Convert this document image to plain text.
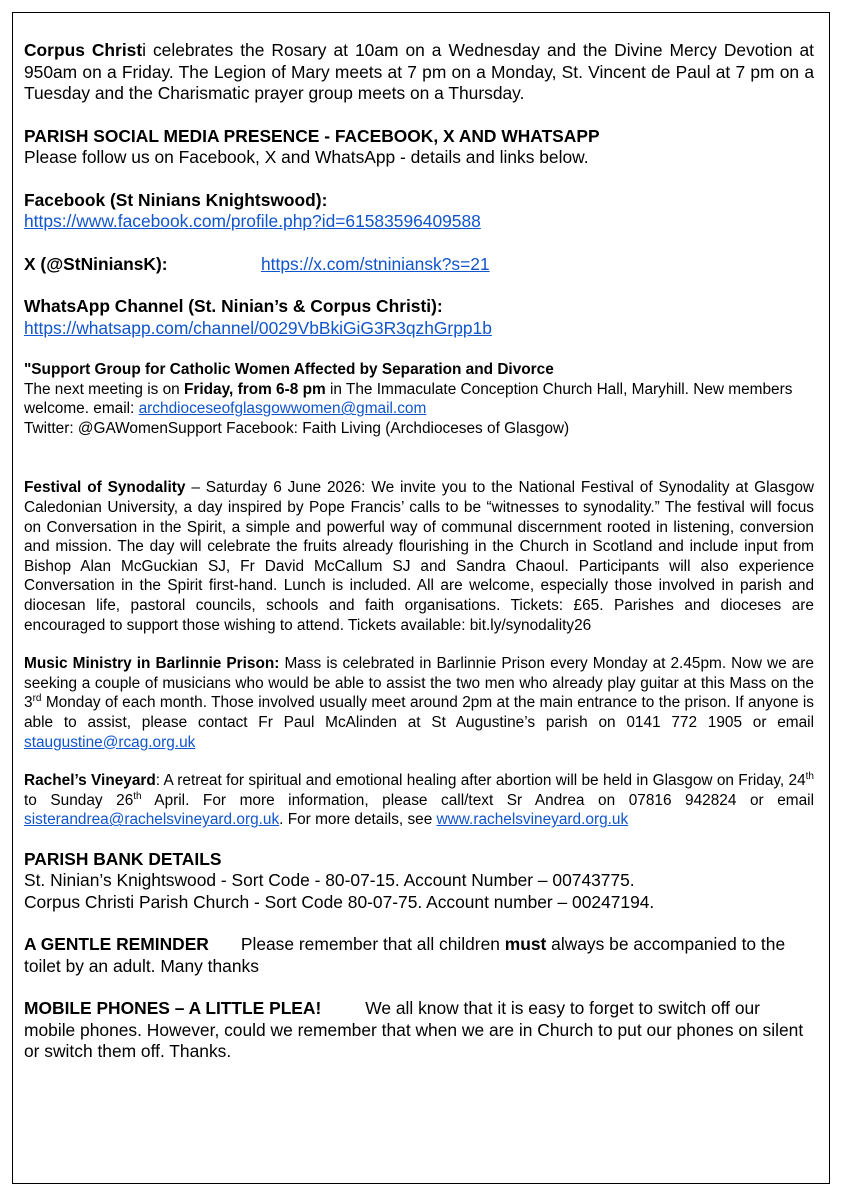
Corpus Christi celebrates the Rosary at 10am on a Wednesday and the Divine Mercy Devotion at 950am on a Friday. The Legion of Mary meets at 7 pm on a Monday, St. Vincent de Paul at 7 pm on a Tuesday and the Charismatic prayer group meets on a Thursday.

PARISH SOCIAL MEDIA PRESENCE - FACEBOOK, X AND WHATSAPP

Please follow us on Facebook, X and WhatsApp - details and links below.

Facebook (St Ninians Knightswood):

https://www.facebook.com/profile.php?id=61583596409588

X (@StNiniansK):	https://x.com/stniniansk?s=21

WhatsApp Channel (St. Ninian’s & Corpus Christi):

https://whatsapp.com/channel/0029VbBkiGiG3R3qzhGrpp1b

"Support Group for Catholic Women Affected by Separation and Divorce

The next meeting is on Friday, from 6-8 pm in The Immaculate Conception Church Hall, Maryhill. New members welcome. email: archdioceseofglasgowwomen@gmail.com

Twitter: @GAWomenSupport Facebook: Faith Living (Archdioceses of Glasgow)

Festival of Synodality – Saturday 6 June 2026: We invite you to the National Festival of Synodality at Glasgow Caledonian University, a day inspired by Pope Francis’ calls to be “witnesses to synodality.” The festival will focus on Conversation in the Spirit, a simple and powerful way of communal discernment rooted in listening, conversion and mission. The day will celebrate the fruits already flourishing in the Church in Scotland and include input from Bishop Alan McGuckian SJ, Fr David McCallum SJ and Sandra Chaoul. Participants will also experience Conversation in the Spirit first-hand. Lunch is included. All are welcome, especially those involved in parish and diocesan life, pastoral councils, schools and faith organisations. Tickets: £65. Parishes and dioceses are encouraged to support those wishing to attend. Tickets available: bit.ly/synodality26

Music Ministry in Barlinnie Prison: Mass is celebrated in Barlinnie Prison every Monday at 2.45pm. Now we are seeking a couple of musicians who would be able to assist the two men who already play guitar at this Mass on the 3rd Monday of each month. Those involved usually meet around 2pm at the main entrance to the prison. If anyone is able to assist, please contact Fr Paul McAlinden at St Augustine’s parish on 0141 772 1905 or email staugustine@rcag.org.uk

Rachel’s Vineyard: A retreat for spiritual and emotional healing after abortion will be held in Glasgow on Friday, 24th to Sunday 26th April. For more information, please call/text Sr Andrea on 07816 942824 or email sisterandrea@rachelsvineyard.org.uk. For more details, see www.rachelsvineyard.org.uk

PARISH BANK DETAILS

St. Ninian’s Knightswood - Sort Code - 80-07-15. Account Number – 00743775.

Corpus Christi Parish Church - Sort Code 80-07-75. Account number – 00247194.

A GENTLE REMINDER Please remember that all children must always be accompanied to the toilet by an adult. Many thanks

MOBILE PHONES – A LITTLE PLEA!	We all know that it is easy to forget to switch off our mobile phones. However, could we remember that when we are in Church to put our phones on silent or switch them off. Thanks.
